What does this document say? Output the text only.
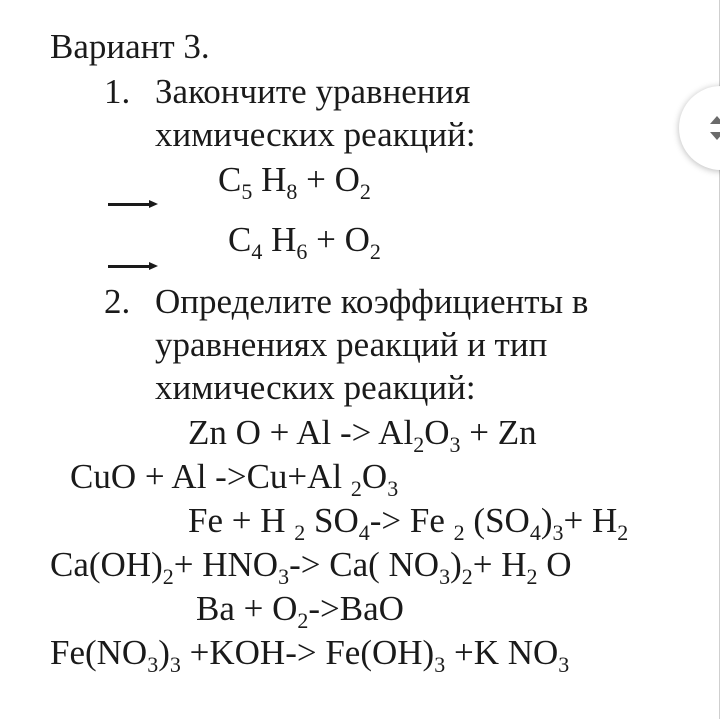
Вариант 3.
1. Закончите уравнения
химических реакций:
$C_5$ $H_8 + O_2$
$C_4$ $H_6 + O_2$
2. Определите коэффициенты в
уравнениях реакций и тип
химических реакций:
Zn $O + Al -> Al_2O_3 + Zn$
CuO + Al ->Cu+Al $_2O_3$
Fe + H $_2$ $SO_4-> Fe$ $_2$ $(SO_4)_3+ H_2$
$Ca(OH)_2+ HNO_3-> Ca$( $NO_3)_2+ H_2$ O
$Ba + O_2->BaO$
$Fe(NO_3)_3 +KOH-> Fe(OH)_3 +K$ $NO_3$
